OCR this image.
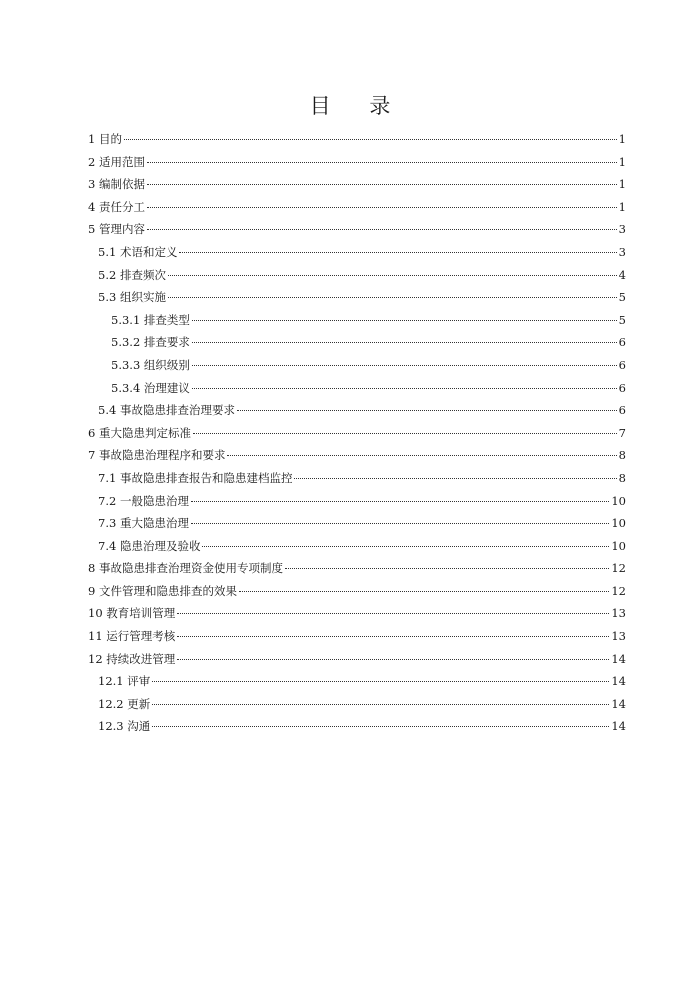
目 录
1 目的	1
2 适用范围	1
3 编制依据	1
4 责任分工	1
5 管理内容	3
5.1 术语和定义	3
5.2 排查频次	4
5.3 组织实施	5
5.3.1 排查类型	5
5.3.2 排查要求	6
5.3.3 组织级别	6
5.3.4 治理建议	6
5.4 事故隐患排查治理要求	6
6 重大隐患判定标准	7
7 事故隐患治理程序和要求	8
7.1 事故隐患排查报告和隐患建档监控	8
7.2 一般隐患治理	10
7.3 重大隐患治理	10
7.4 隐患治理及验收	10
8 事故隐患排查治理资金使用专项制度	12
9 文件管理和隐患排查的效果	12
10 教育培训管理	13
11 运行管理考核	13
12 持续改进管理	14
12.1 评审	14
12.2 更新	14
12.3 沟通	14
